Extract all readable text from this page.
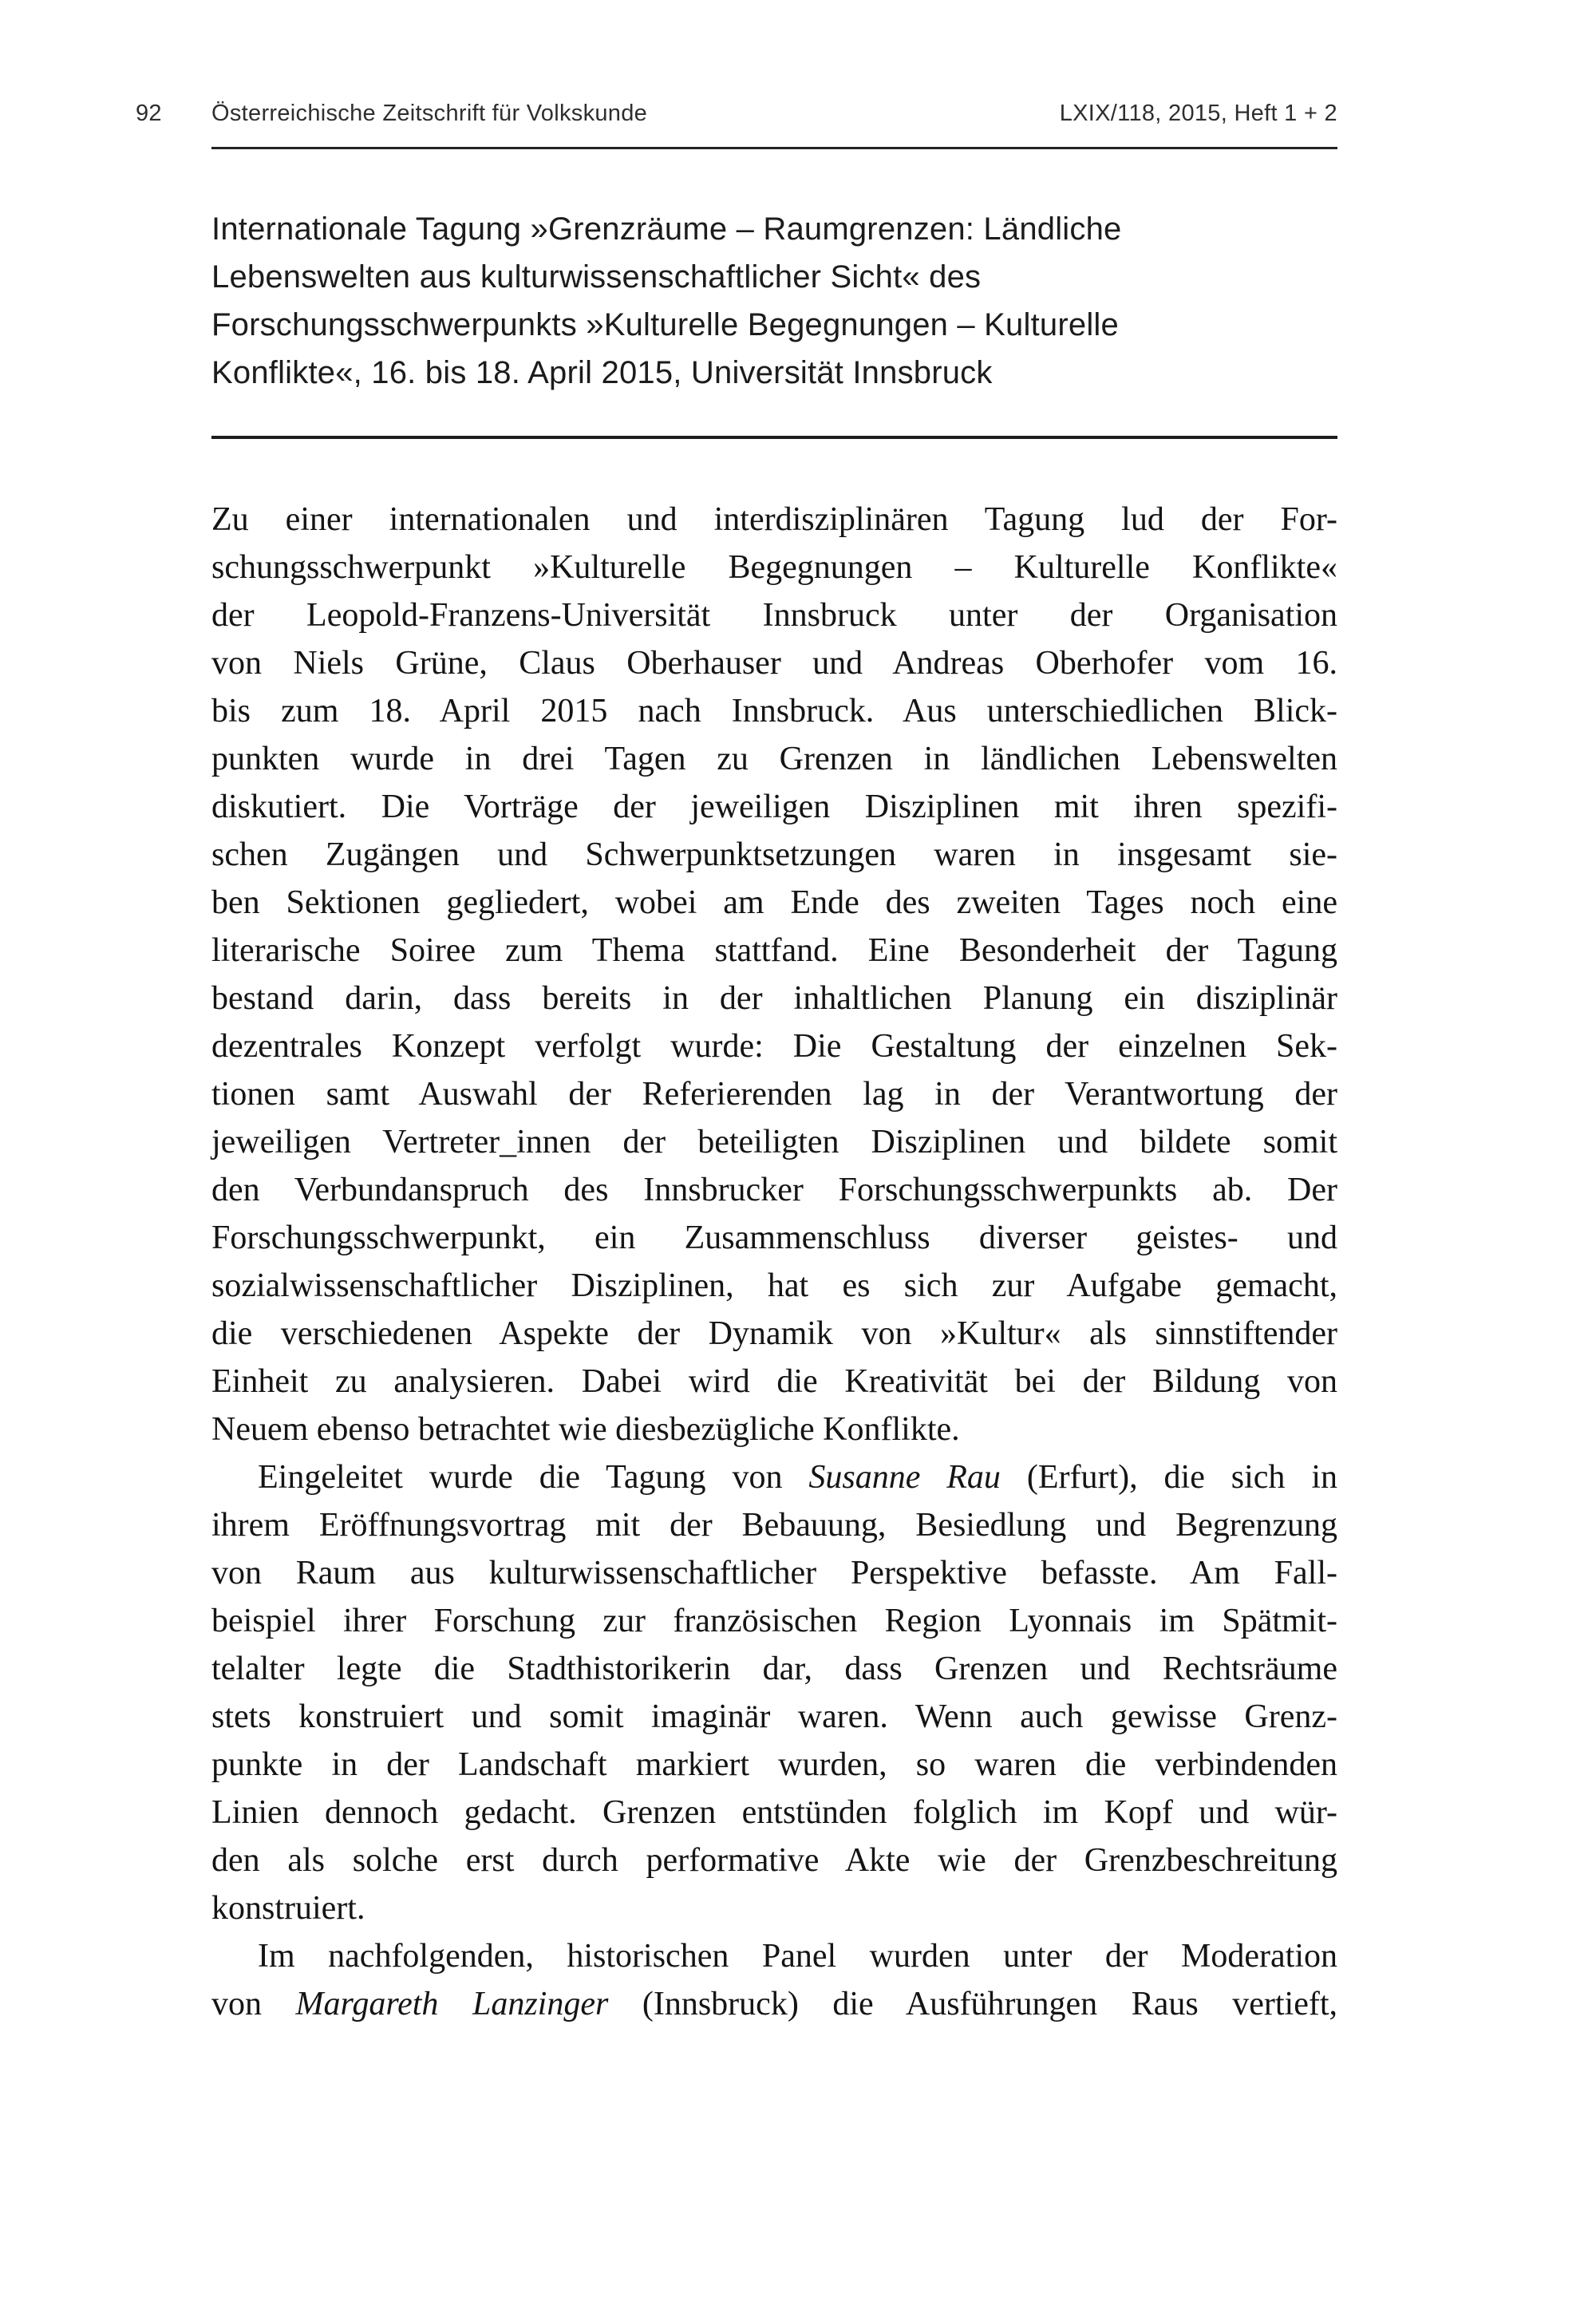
92 Österreichische Zeitschrift für Volkskunde	LXIX/118, 2015, Heft 1 + 2
Internationale Tagung »Grenzräume – Raumgrenzen: Ländliche
Lebenswelten aus kulturwissenschaftlicher Sicht« des
Forschungsschwerpunkts »Kulturelle Begegnungen – Kulturelle
Konflikte«, 16. bis 18. April 2015, Universität Innsbruck
Zu einer internationalen und interdisziplinären Tagung lud der For-
schungsschwerpunkt »Kulturelle Begegnungen – Kulturelle Konflikte«
der Leopold-Franzens-Universität Innsbruck unter der Organisation
von Niels Grüne, Claus Oberhauser und Andreas Oberhofer vom 16.
bis zum 18. April 2015 nach Innsbruck. Aus unterschiedlichen Blick-
punkten wurde in drei Tagen zu Grenzen in ländlichen Lebenswelten
diskutiert. Die Vorträge der jeweiligen Disziplinen mit ihren spezifi-
schen Zugängen und Schwerpunktsetzungen waren in insgesamt sie-
ben Sektionen gegliedert, wobei am Ende des zweiten Tages noch eine
literarische Soiree zum Thema stattfand. Eine Besonderheit der Tagung
bestand darin, dass bereits in der inhaltlichen Planung ein disziplinär
dezentrales Konzept verfolgt wurde: Die Gestaltung der einzelnen Sek-
tionen samt Auswahl der Referierenden lag in der Verantwortung der
jeweiligen Vertreter_innen der beteiligten Disziplinen und bildete somit
den Verbundanspruch des Innsbrucker Forschungsschwerpunkts ab. Der
Forschungsschwerpunkt, ein Zusammenschluss diverser geistes- und
sozialwissenschaftlicher Disziplinen, hat es sich zur Aufgabe gemacht,
die verschiedenen Aspekte der Dynamik von »Kultur« als sinnstiftender
Einheit zu analysieren. Dabei wird die Kreativität bei der Bildung von
Neuem ebenso betrachtet wie diesbezügliche Konflikte.
Eingeleitet wurde die Tagung von Susanne Rau (Erfurt), die sich in
ihrem Eröffnungsvortrag mit der Bebauung, Besiedlung und Begrenzung
von Raum aus kulturwissenschaftlicher Perspektive befasste. Am Fall-
beispiel ihrer Forschung zur französischen Region Lyonnais im Spätmit-
telalter legte die Stadthistorikerin dar, dass Grenzen und Rechtsräume
stets konstruiert und somit imaginär waren. Wenn auch gewisse Grenz-
punkte in der Landschaft markiert wurden, so waren die verbindenden
Linien dennoch gedacht. Grenzen entstünden folglich im Kopf und wür-
den als solche erst durch performative Akte wie der Grenzbeschreitung
konstruiert.
Im nachfolgenden, historischen Panel wurden unter der Moderation
von Margareth Lanzinger (Innsbruck) die Ausführungen Raus vertieft,
